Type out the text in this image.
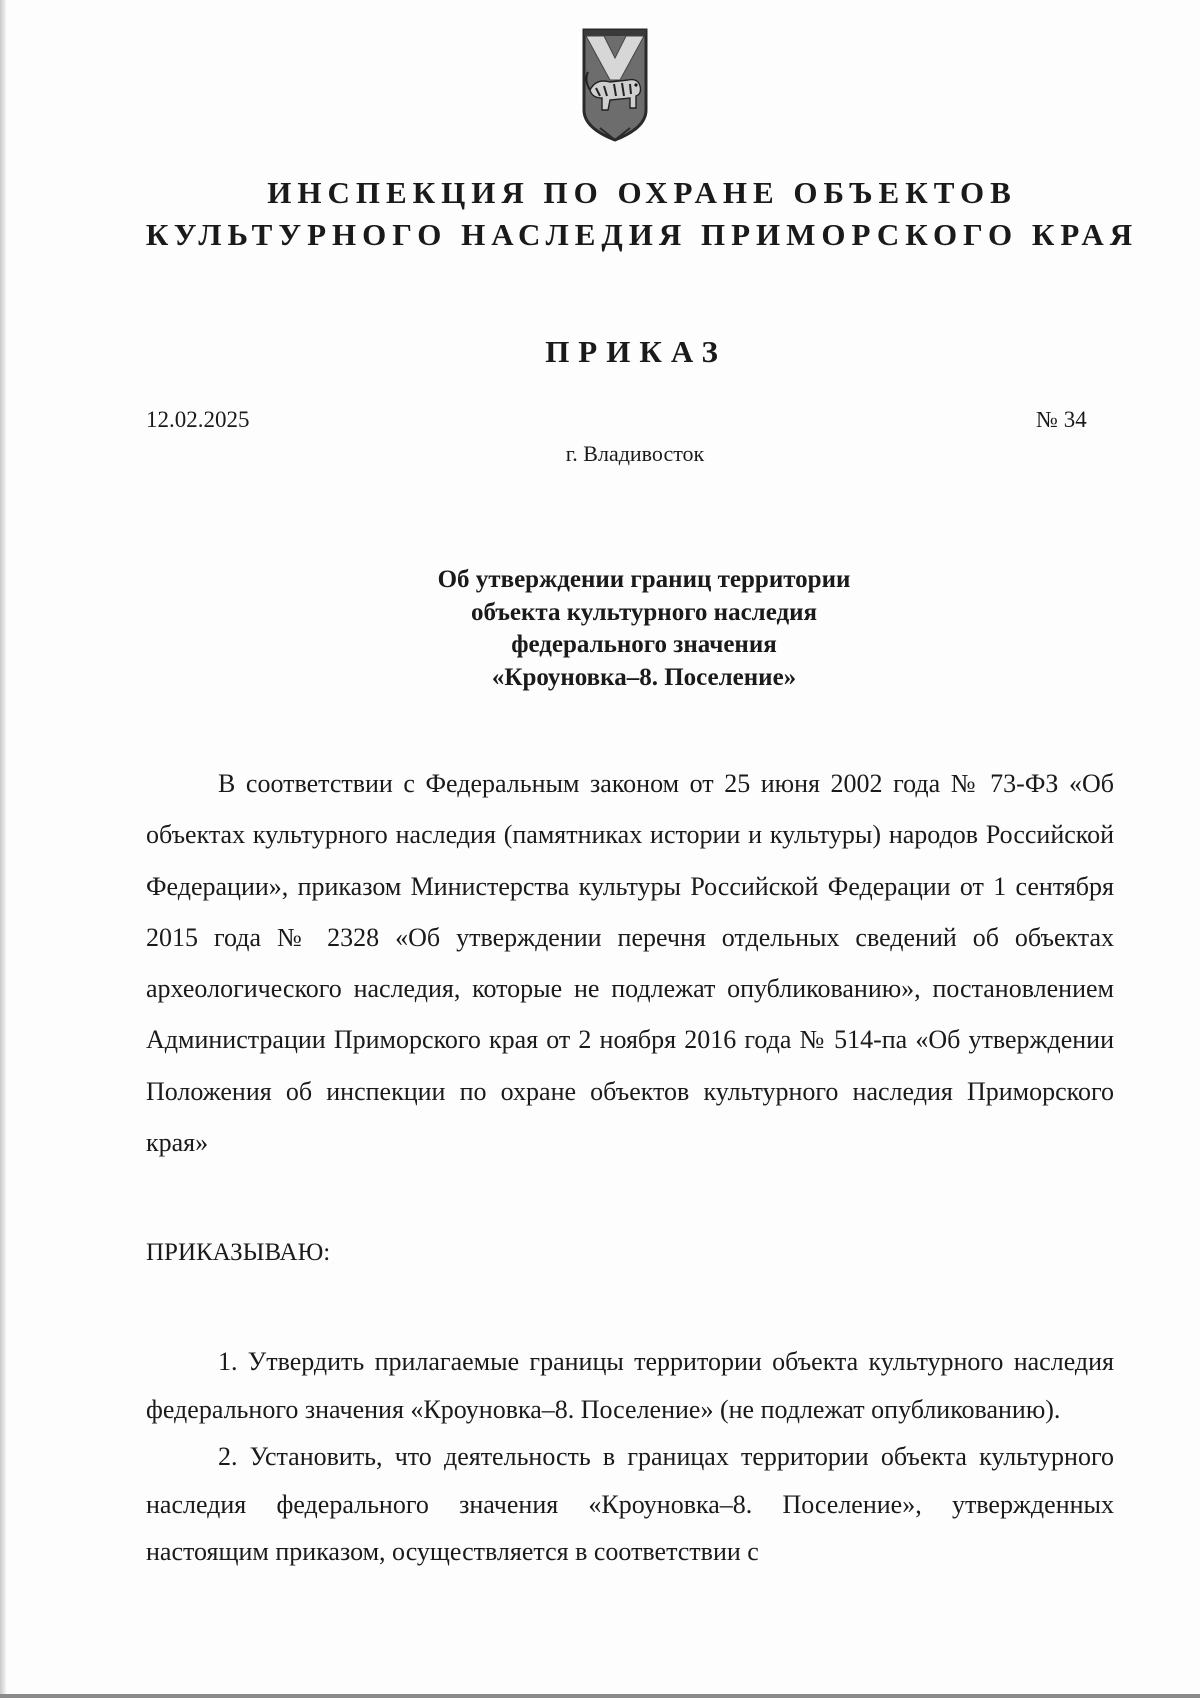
ИНСПЕКЦИЯ ПО ОХРАНЕ ОБЪЕКТОВ
КУЛЬТУРНОГО НАСЛЕДИЯ ПРИМОРСКОГО КРАЯ
ПРИКАЗ
12.02.2025	№ 34
г. Владивосток
Об утверждении границ территории
объекта культурного наследия
федерального значения
«Кроуновка–8. Поселение»
В соответствии с Федеральным законом от 25 июня 2002 года № 73-ФЗ «Об объектах культурного наследия (памятниках истории и культуры) народов Российской Федерации», приказом Министерства культуры Российской Федерации от 1 сентября 2015 года № 2328 «Об утверждении перечня отдельных сведений об объектах археологического наследия, которые не подлежат опубликованию», постановлением Администрации Приморского края от 2 ноября 2016 года № 514-па «Об утверждении Положения об инспекции по охране объектов культурного наследия Приморского края»
ПРИКАЗЫВАЮ:

1. Утвердить прилагаемые границы территории объекта культурного наследия федерального значения «Кроуновка–8. Поселение» (не подлежат опубликованию).

2. Установить, что деятельность в границах территории объекта культурного наследия федерального значения «Кроуновка–8. Поселение», утвержденных настоящим приказом, осуществляется в соответствии с
